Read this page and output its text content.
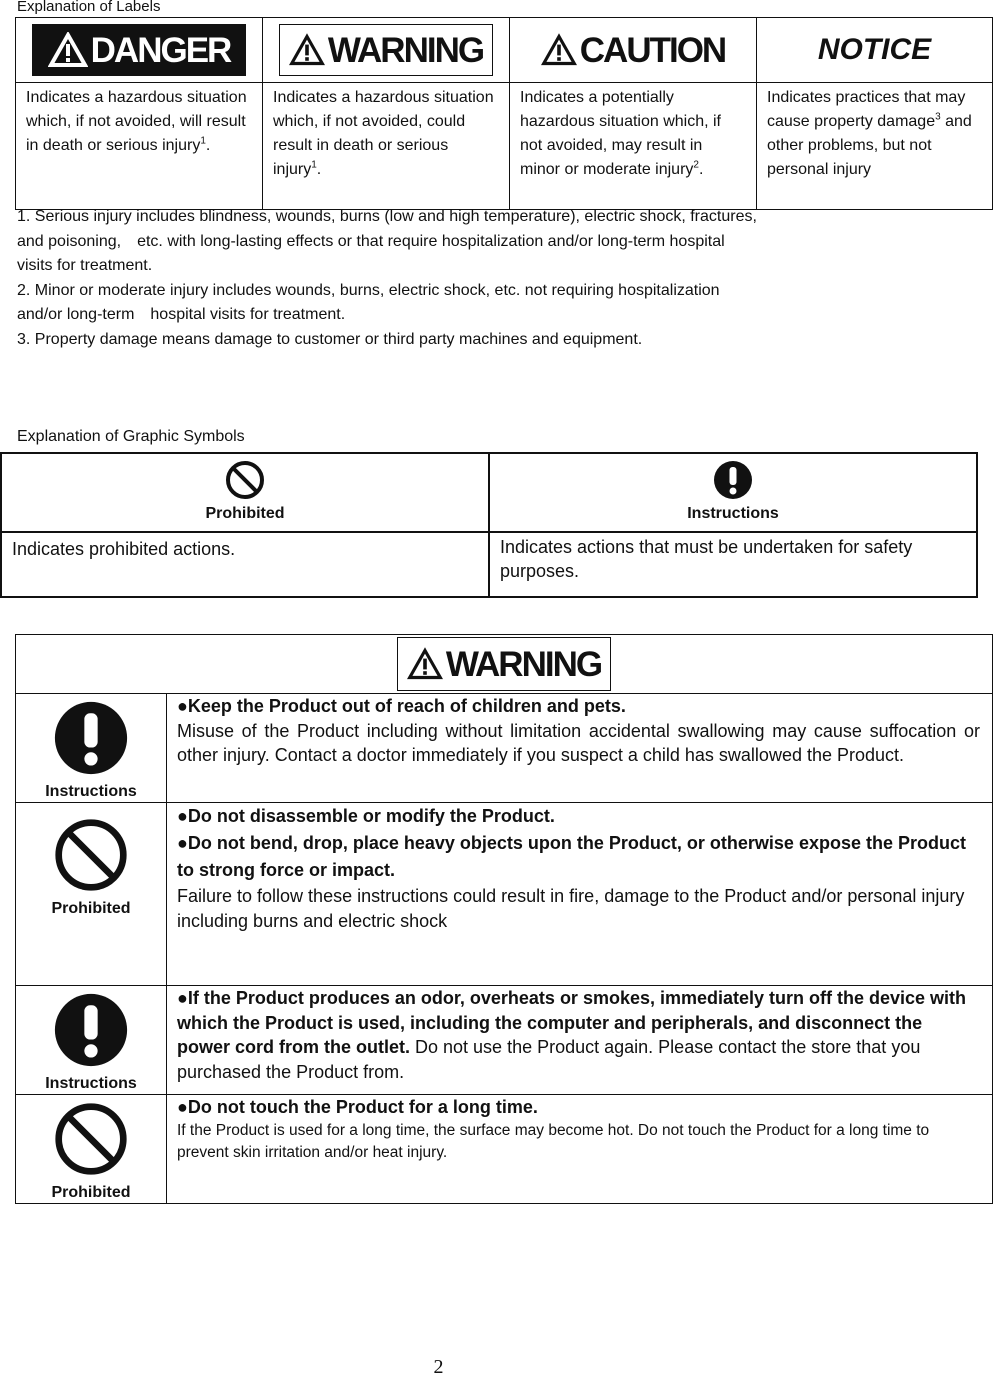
Explanation of Labels
DANGER	WARNING	CAUTION	NOTICE
Indicates a hazardous situation which, if not avoided, will result in death or serious injury$^1$.	Indicates a hazardous situation which, if not avoided, could result in death or serious injury$^1$.	Indicates a potentially hazardous situation which, if not avoided, may result in minor or moderate injury$^2$.	Indicates practices that may cause property damage$^3$ and other problems, but not personal injury
1. Serious injury includes blindness, wounds, burns (low and high temperature), electric shock, fractures,
and poisoning,　etc. with long-lasting effects or that require hospitalization and/or long-term hospital
visits for treatment.
2. Minor or moderate injury includes wounds, burns, electric shock, etc. not requiring hospitalization
and/or long-term　hospital visits for treatment.
3. Property damage means damage to customer or third party machines and equipment.
Explanation of Graphic Symbols
Prohibited	Instructions

Indicates prohibited actions.	Indicates actions that must be undertaken for safety purposes.
WARNING	

Instructions	●Keep the Product out of reach of children and pets.
Misuse of the Product including without limitation accidental swallowing may cause suffocation or other injury. Contact a doctor immediately if you suspect a child has swallowed the Product.

Prohibited	●Do not disassemble or modify the Product.
●Do not bend, drop, place heavy objects upon the Product, or otherwise expose the Product to strong force or impact.
Failure to follow these instructions could result in fire, damage to the Product and/or personal injury including burns and electric shock

Instructions	●If the Product produces an odor, overheats or smokes, immediately turn off the device with which the Product is used, including the computer and peripherals, and disconnect the power cord from the outlet. Do not use the Product again. Please contact the store that you purchased the Product from.

Prohibited	●Do not touch the Product for a long time.
If the Product is used for a long time, the surface may become hot. Do not touch the Product for a long time to prevent skin irritation and/or heat injury.
2
